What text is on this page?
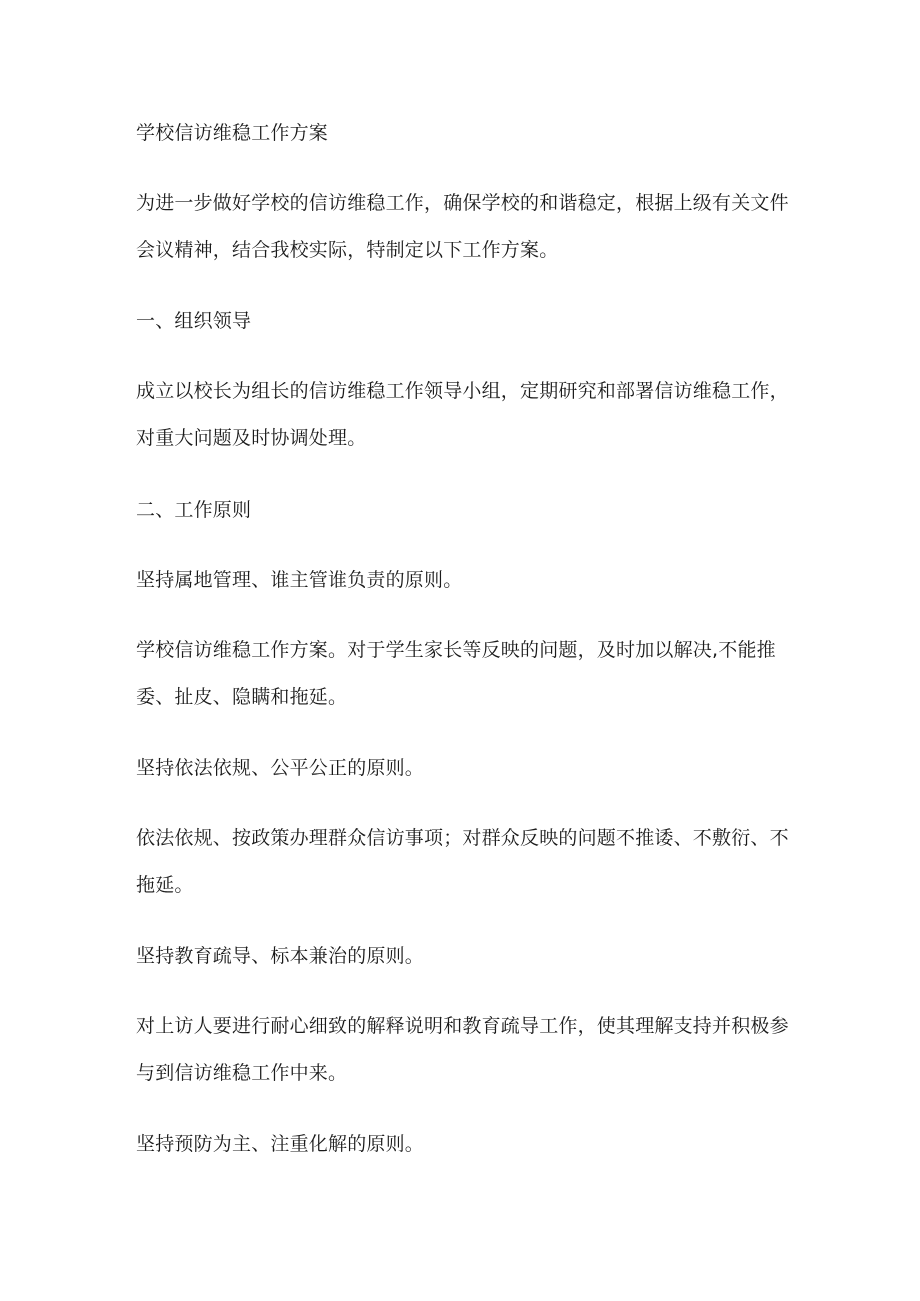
学校信访维稳工作方案

为进一步做好学校的信访维稳工作，确保学校的和谐稳定，根据上级有关文件会议精神，结合我校实际，特制定以下工作方案。

一、组织领导

成立以校长为组长的信访维稳工作领导小组，定期研究和部署信访维稳工作，对重大问题及时协调处理。

二、工作原则

坚持属地管理、谁主管谁负责的原则。

学校信访维稳工作方案。对于学生家长等反映的问题，及时加以解决,不能推委、扯皮、隐瞒和拖延。

坚持依法依规、公平公正的原则。

依法依规、按政策办理群众信访事项；对群众反映的问题不推诿、不敷衍、不拖延。

坚持教育疏导、标本兼治的原则。

对上访人要进行耐心细致的解释说明和教育疏导工作，使其理解支持并积极参与到信访维稳工作中来。

坚持预防为主、注重化解的原则。
